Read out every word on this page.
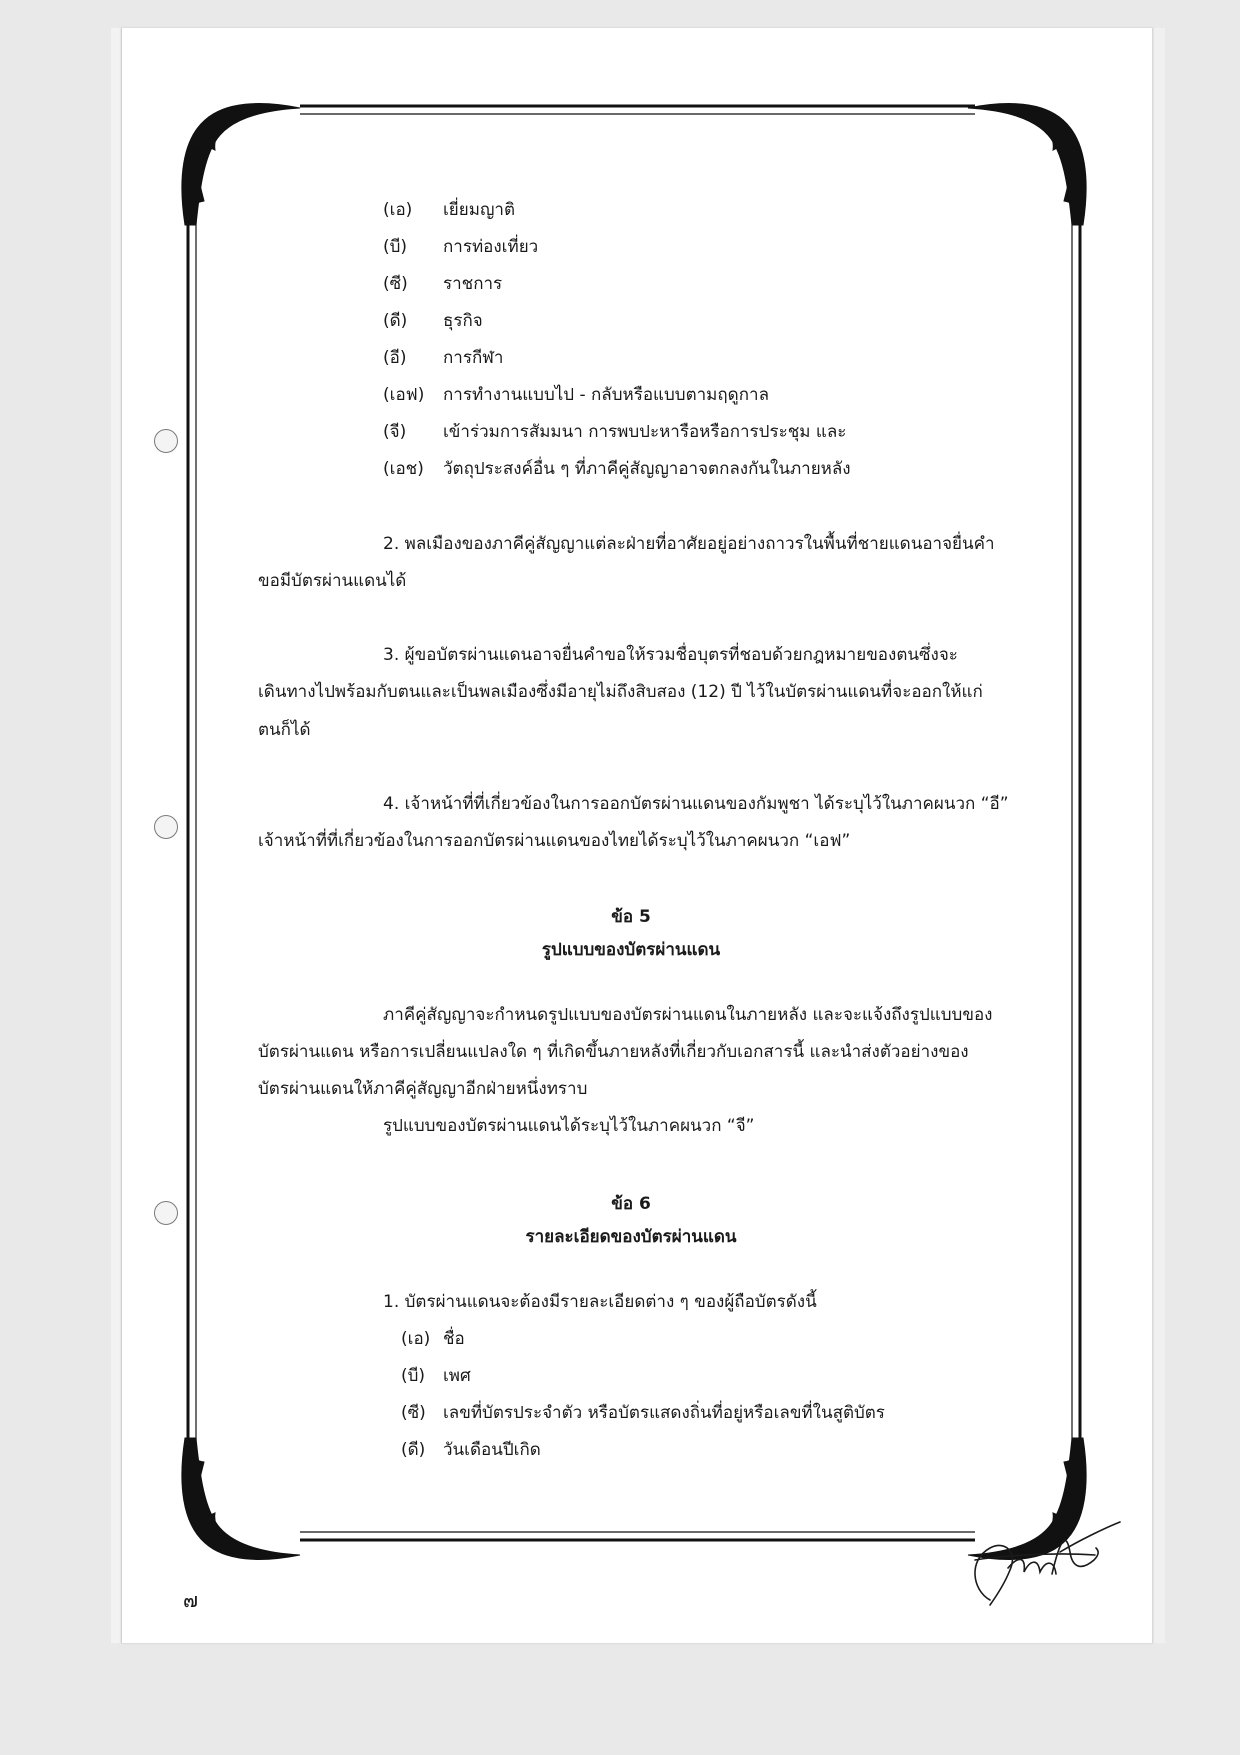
(เอ) เยี่ยมญาติ
(บี) การท่องเที่ยว
(ซี) ราชการ
(ดี) ธุรกิจ
(อี) การกีฬา
(เอฟ) การทำงานแบบไป - กลับหรือแบบตามฤดูกาล
(จี) เข้าร่วมการสัมมนา การพบปะหารือหรือการประชุม และ
(เอช) วัตถุประสงค์อื่น ๆ ที่ภาคีคู่สัญญาอาจตกลงกันในภายหลัง
2. พลเมืองของภาคีคู่สัญญาแต่ละฝ่ายที่อาศัยอยู่อย่างถาวรในพื้นที่ชายแดนอาจยื่นคำ
ขอมีบัตรผ่านแดนได้
3. ผู้ขอบัตรผ่านแดนอาจยื่นคำขอให้รวมชื่อบุตรที่ชอบด้วยกฎหมายของตนซึ่งจะ
เดินทางไปพร้อมกับตนและเป็นพลเมืองซึ่งมีอายุไม่ถึงสิบสอง (12) ปี ไว้ในบัตรผ่านแดนที่จะออกให้แก่
ตนก็ได้
4. เจ้าหน้าที่ที่เกี่ยวข้องในการออกบัตรผ่านแดนของกัมพูชา ได้ระบุไว้ในภาคผนวก “อี”
เจ้าหน้าที่ที่เกี่ยวข้องในการออกบัตรผ่านแดนของไทยได้ระบุไว้ในภาคผนวก “เอฟ”
ข้อ 5
รูปแบบของบัตรผ่านแดน
ภาคีคู่สัญญาจะกำหนดรูปแบบของบัตรผ่านแดนในภายหลัง และจะแจ้งถึงรูปแบบของ
บัตรผ่านแดน หรือการเปลี่ยนแปลงใด ๆ ที่เกิดขึ้นภายหลังที่เกี่ยวกับเอกสารนี้ และนำส่งตัวอย่างของ
บัตรผ่านแดนให้ภาคีคู่สัญญาอีกฝ่ายหนึ่งทราบ
รูปแบบของบัตรผ่านแดนได้ระบุไว้ในภาคผนวก “จี”
ข้อ 6
รายละเอียดของบัตรผ่านแดน
1. บัตรผ่านแดนจะต้องมีรายละเอียดต่าง ๆ ของผู้ถือบัตรดังนี้
(เอ) ชื่อ
(บี) เพศ
(ซี) เลขที่บัตรประจำตัว หรือบัตรแสดงถิ่นที่อยู่หรือเลขที่ในสูติบัตร
(ดี) วันเดือนปีเกิด
๗
